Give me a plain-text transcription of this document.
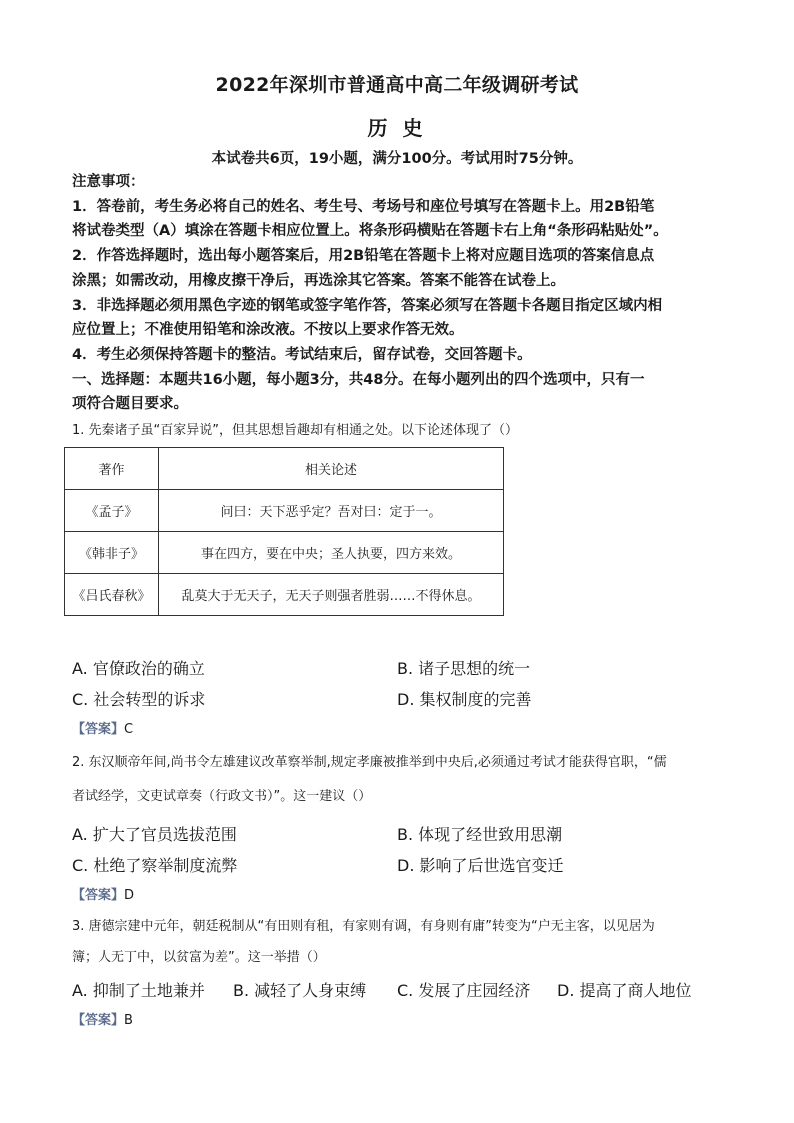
2022年深圳市普通高中高二年级调研考试
历 史
本试卷共6页，19小题，满分100分。考试用时75分钟。

注意事项：

1．答卷前，考生务必将自己的姓名、考生号、考场号和座位号填写在答题卡上。用2B铅笔

将试卷类型（A）填涂在答题卡相应位置上。将条形码横贴在答题卡右上角“条形码粘贴处”。

2．作答选择题时，选出每小题答案后，用2B铅笔在答题卡上将对应题目选项的答案信息点

涂黑；如需改动，用橡皮擦干净后，再选涂其它答案。答案不能答在试卷上。

3．非选择题必须用黑色字迹的钢笔或签字笔作答，答案必须写在答题卡各题目指定区域内相

应位置上；不准使用铅笔和涂改液。不按以上要求作答无效。

4．考生必须保持答题卡的整洁。考试结束后，留存试卷，交回答题卡。

一、选择题：本题共16小题，每小题3分，共48分。在每小题列出的四个选项中，只有一

项符合题目要求。

1. 先秦诸子虽“百家异说”，但其思想旨趣却有相通之处。以下论述体现了（）

著作	相关论述
《孟子》	问曰：天下恶乎定？吾对曰：定于一。
《韩非子》	事在四方，要在中央；圣人执要，四方来效。
《吕氏春秋》	乱莫大于无天子，无天子则强者胜弱……不得休息。
A. 官僚政治的确立	B. 诸子思想的统一
C. 社会转型的诉求	D. 集权制度的完善
【答案】C

2. 东汉顺帝年间,尚书令左雄建议改革察举制,规定孝廉被推举到中央后,必须通过考试才能获得官职，“儒

者试经学，文吏试章奏（行政文书）”。这一建议（）

A. 扩大了官员选拔范围	B. 体现了经世致用思潮
C. 杜绝了察举制度流弊	D. 影响了后世选官变迁
【答案】D

3. 唐德宗建中元年，朝廷税制从“有田则有租，有家则有调，有身则有庸”转变为“户无主客，以见居为

簿；人无丁中，以贫富为差”。这一举措（）

A. 抑制了土地兼并 B. 减轻了人身束缚 C. 发展了庄园经济 D. 提高了商人地位
【答案】B
